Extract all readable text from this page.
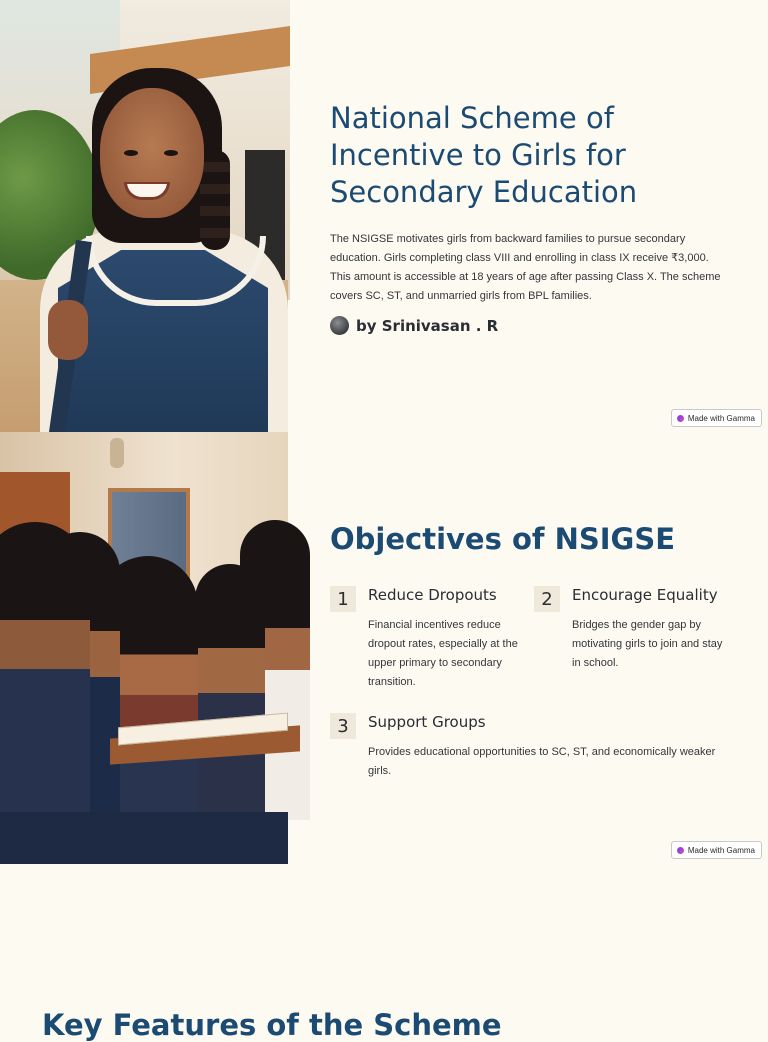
National Scheme of Incentive to Girls for Secondary Education

The NSIGSE motivates girls from backward families to pursue secondary education. Girls completing class VIII and enrolling in class IX receive ₹3,000. This amount is accessible at 18 years of age after passing Class X. The scheme covers SC, ST, and unmarried girls from BPL families.

by Srinivasan . R
Made with Gamma
Objectives of NSIGSE
1	Reduce Dropouts
Financial incentives reduce dropout rates, especially at the upper primary to secondary transition.
2	Encourage Equality
Bridges the gender gap by motivating girls to join and stay in school.
3	Support Groups
Provides educational opportunities to SC, ST, and economically weaker girls.
Made with Gamma
Key Features of the Scheme
